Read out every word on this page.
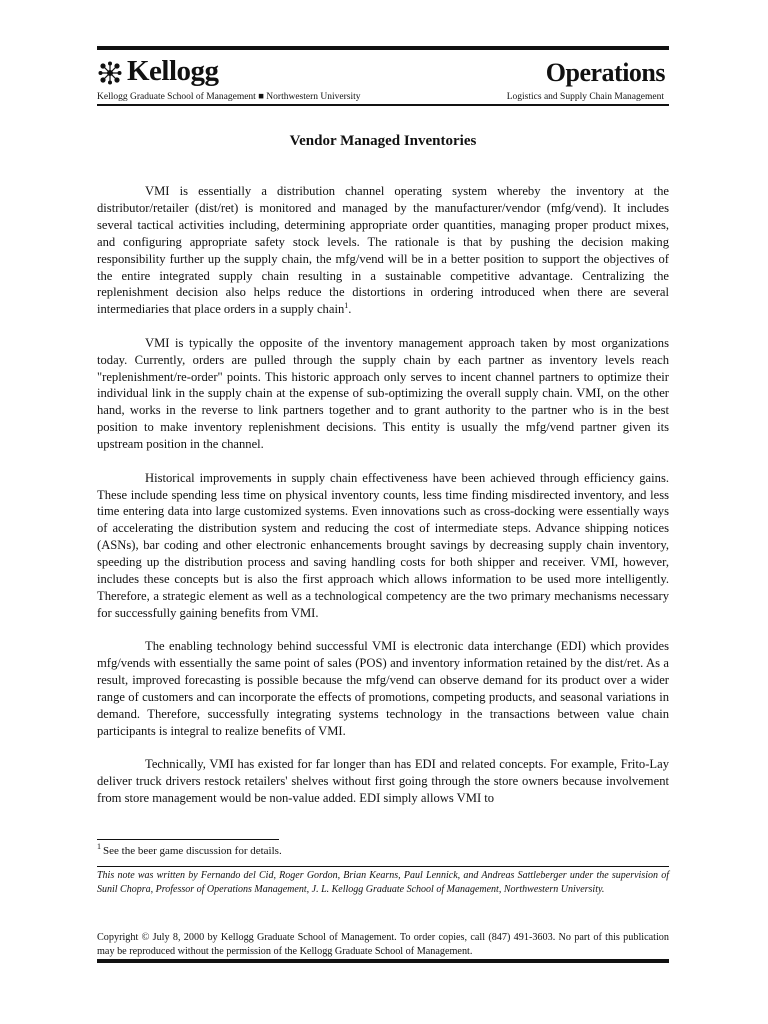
Kellogg	Operations
Kellogg Graduate School of Management ■ Northwestern University	Logistics and Supply Chain Management
Vendor Managed Inventories

VMI is essentially a distribution channel operating system whereby the inventory at the distributor/retailer (dist/ret) is monitored and managed by the manufacturer/vendor (mfg/vend). It includes several tactical activities including, determining appropriate order quantities, managing proper product mixes, and configuring appropriate safety stock levels. The rationale is that by pushing the decision making responsibility further up the supply chain, the mfg/vend will be in a better position to support the objectives of the entire integrated supply chain resulting in a sustainable competitive advantage. Centralizing the replenishment decision also helps reduce the distortions in ordering introduced when there are several intermediaries that place orders in a supply chain$^1$.

VMI is typically the opposite of the inventory management approach taken by most organizations today. Currently, orders are pulled through the supply chain by each partner as inventory levels reach "replenishment/re-order" points. This historic approach only serves to incent channel partners to optimize their individual link in the supply chain at the expense of sub-optimizing the overall supply chain. VMI, on the other hand, works in the reverse to link partners together and to grant authority to the partner who is in the best position to make inventory replenishment decisions. This entity is usually the mfg/vend partner given its upstream position in the channel.

Historical improvements in supply chain effectiveness have been achieved through efficiency gains. These include spending less time on physical inventory counts, less time finding misdirected inventory, and less time entering data into large customized systems. Even innovations such as cross-docking were essentially ways of accelerating the distribution system and reducing the cost of intermediate steps. Advance shipping notices (ASNs), bar coding and other electronic enhancements brought savings by decreasing supply chain inventory, speeding up the distribution process and saving handling costs for both shipper and receiver. VMI, however, includes these concepts but is also the first approach which allows information to be used more intelligently. Therefore, a strategic element as well as a technological competency are the two primary mechanisms necessary for successfully gaining benefits from VMI.

The enabling technology behind successful VMI is electronic data interchange (EDI) which provides mfg/vends with essentially the same point of sales (POS) and inventory information retained by the dist/ret. As a result, improved forecasting is possible because the mfg/vend can observe demand for its product over a wider range of customers and can incorporate the effects of promotions, competing products, and seasonal variations in demand. Therefore, successfully integrating systems technology in the transactions between value chain participants is integral to realize benefits of VMI.

Technically, VMI has existed for far longer than has EDI and related concepts. For example, Frito-Lay deliver truck drivers restock retailers' shelves without first going through the store owners because involvement from store management would be non-value added. EDI simply allows VMI to

$^1$ See the beer game discussion for details.
This note was written by Fernando del Cid, Roger Gordon, Brian Kearns, Paul Lennick, and Andreas Sattleberger under the supervision of Sunil Chopra, Professor of Operations Management, J. L. Kellogg Graduate School of Management, Northwestern University.
Copyright © July 8, 2000 by Kellogg Graduate School of Management. To order copies, call (847) 491-3603. No part of this publication may be reproduced without the permission of the Kellogg Graduate School of Management.
